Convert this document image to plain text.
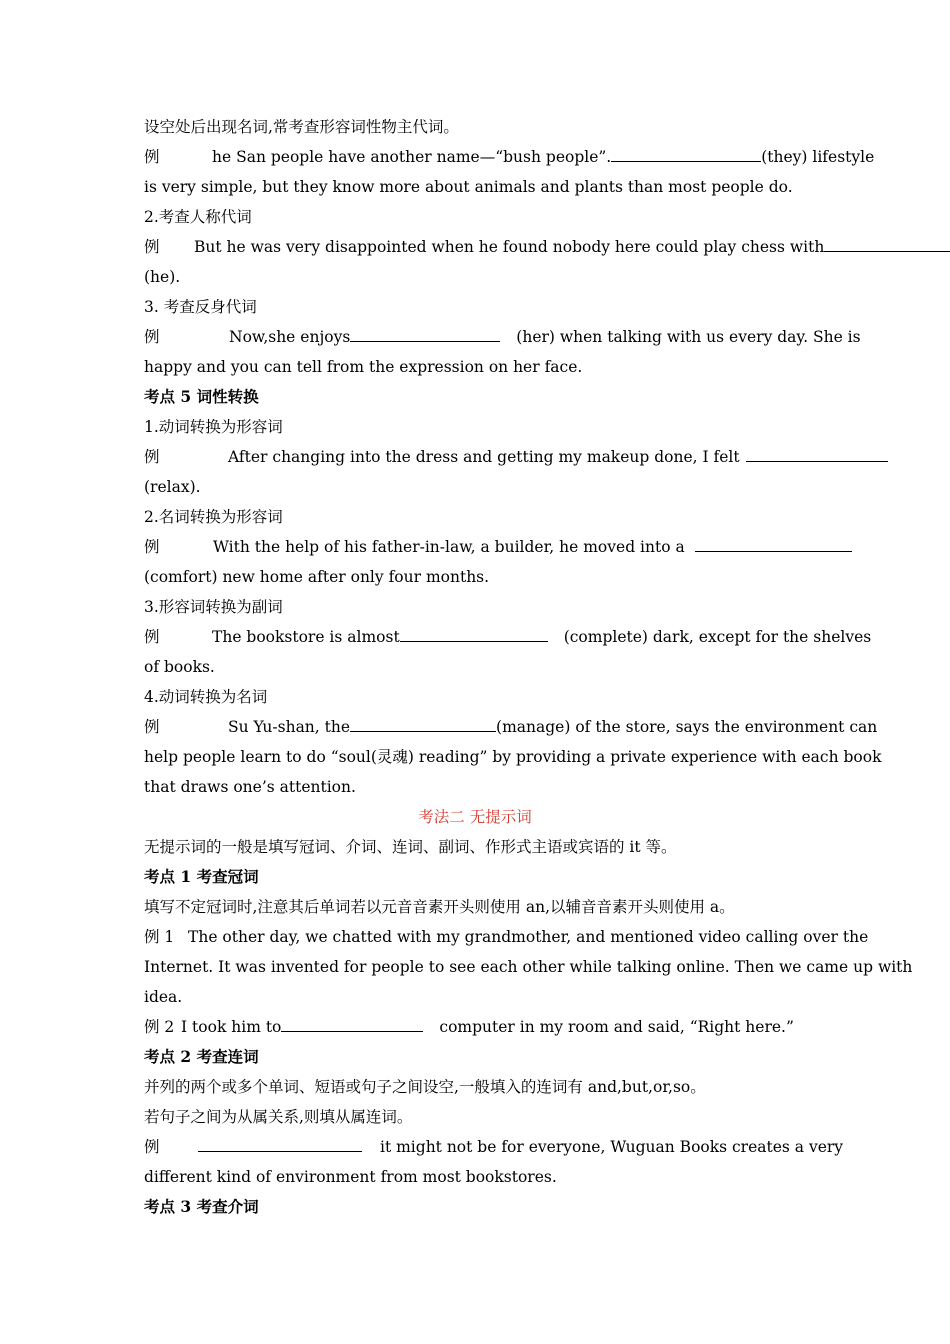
设空处后出现名词,常考查形容词性物主代词。

例	he San people have another name—“bush people”.	(they) lifestyle

is very simple, but they know more about animals and plants than most people do.

2.考查人称代词

例 But he was very disappointed when he found nobody here could play chess with

(he).

3. 考查反身代词

例	Now,she enjoys	(her) when talking with us every day. She is

happy and you can tell from the expression on her face.

考点 5 词性转换

1.动词转换为形容词

例	After changing into the dress and getting my makeup done, I felt

(relax).

2.名词转换为形容词

例	With the help of his father-in-law, a builder, he moved into a

(comfort) new home after only four months.

3.形容词转换为副词

例	The bookstore is almost	(complete) dark, except for the shelves

of books.

4.动词转换为名词

例	Su Yu-shan, the	(manage) of the store, says the environment can

help people learn to do “soul(灵魂) reading” by providing a private experience with each book

that draws one’s attention.

考法二 无提示词

无提示词的一般是填写冠词、介词、连词、副词、作形式主语或宾语的 it 等。

考点 1 考查冠词

填写不定冠词时,注意其后单词若以元音音素开头则使用 an,以辅音音素开头则使用 a。

例 1 The other day, we chatted with my grandmother, and mentioned video calling over the

Internet. It was invented for people to see each other while talking online. Then we came up with

idea.

例 2 I took him to	computer in my room and said, “Right here.”

考点 2 考查连词

并列的两个或多个单词、短语或句子之间设空,一般填入的连词有 and,but,or,so。

若句子之间为从属关系,则填从属连词。

例	it might not be for everyone, Wuguan Books creates a very

different kind of environment from most bookstores.

考点 3 考查介词
